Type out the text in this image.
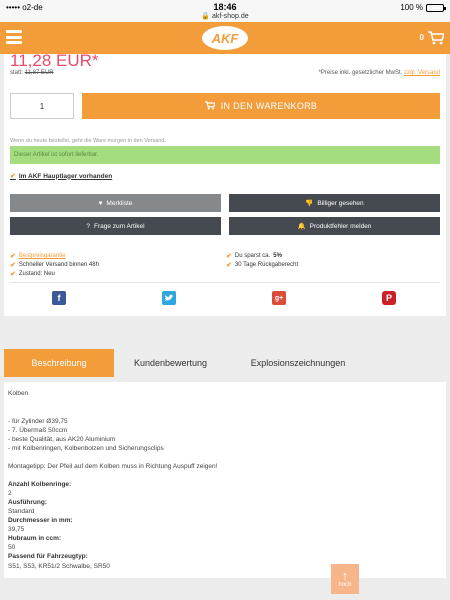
••••• o2-de	18:46
🔒 akf-shop.de
100 %
AKF	0
11,28 EUR*
statt: 11,87 EUR	*Preise inkl. gesetzlicher MwSt. zzgl. Versand
1	IN DEN WARENKORB
Wenn du heute bestellst, geht die Ware morgen in den Versand.
Dieser Artikel ist sofort lieferbar.
✔ Im AKF Hauptlager vorhanden
♥ Merkliste	👎 Billiger gesehen
? Frage zum Artikel	🔔 Produktfehler melden
✔ Bestpreisgarantie
✔ Schneller Versand binnen 48h
✔ Zustand: Neu
✔ Du sparst ca. 5%
✔ 30 Tage Rückgaberecht
f	g+	P
Beschreibung	Kundenbewertung	Explosionszeichnungen
Kolben
- für Zylinder Ø39,75
- 7. Übermaß 50ccm
- beste Qualität, aus AK20 Aluminium
- mit Kolbenringen, Kolbenbolzen und Sicherungsclips
Montagetipp: Der Pfeil auf dem Kolben muss in Richtung Auspuff zeigen!
Anzahl Kolbenringe:
2
Ausführung:
Standard
Durchmesser in mm:
39,75
Hubraum in ccm:
50
Passend für Fahrzeugtyp:
S51, S53, KR51/2 Schwalbe, SR50
↑
hoch
